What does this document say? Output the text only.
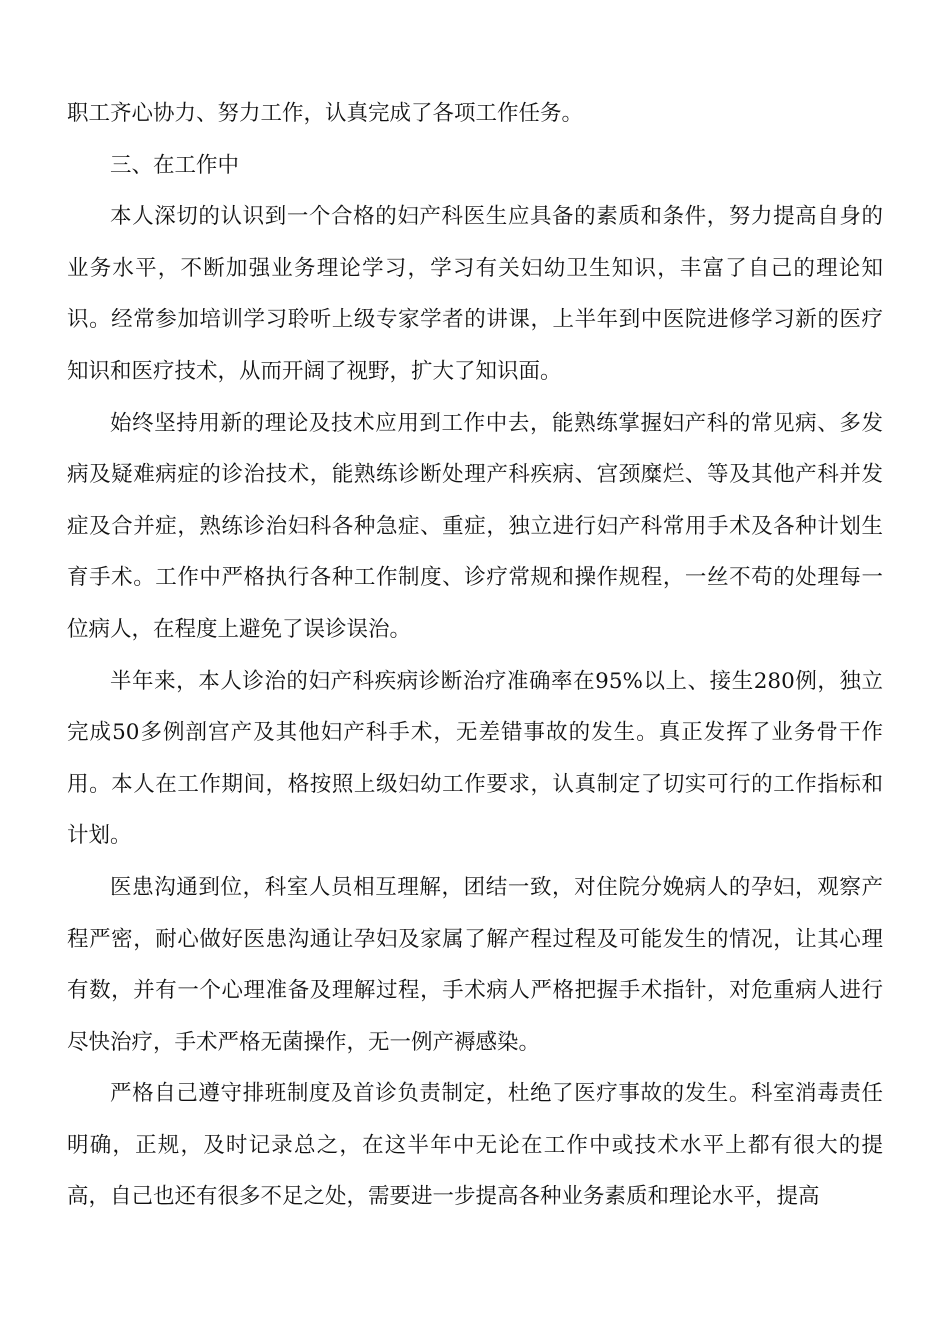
职工齐心协力、努力工作，认真完成了各项工作任务。

三、在工作中

本人深切的认识到一个合格的妇产科医生应具备的素质和条件，努力提高自身的业务水平，不断加强业务理论学习，学习有关妇幼卫生知识，丰富了自己的理论知识。经常参加培训学习聆听上级专家学者的讲课，上半年到中医院进修学习新的医疗知识和医疗技术，从而开阔了视野，扩大了知识面。

始终坚持用新的理论及技术应用到工作中去，能熟练掌握妇产科的常见病、多发病及疑难病症的诊治技术，能熟练诊断处理产科疾病、宫颈糜烂、等及其他产科并发症及合并症，熟练诊治妇科各种急症、重症，独立进行妇产科常用手术及各种计划生育手术。工作中严格执行各种工作制度、诊疗常规和操作规程，一丝不苟的处理每一位病人，在程度上避免了误诊误治。

半年来，本人诊治的妇产科疾病诊断治疗准确率在95%以上、接生280例，独立完成50多例剖宫产及其他妇产科手术，无差错事故的发生。真正发挥了业务骨干作用。本人在工作期间，格按照上级妇幼工作要求，认真制定了切实可行的工作指标和计划。

医患沟通到位，科室人员相互理解，团结一致，对住院分娩病人的孕妇，观察产程严密，耐心做好医患沟通让孕妇及家属了解产程过程及可能发生的情况，让其心理有数，并有一个心理准备及理解过程，手术病人严格把握手术指针，对危重病人进行尽快治疗，手术严格无菌操作，无一例产褥感染。

严格自己遵守排班制度及首诊负责制定，杜绝了医疗事故的发生。科室消毒责任明确，正规，及时记录总之，在这半年中无论在工作中或技术水平上都有很大的提高，自己也还有很多不足之处，需要进一步提高各种业务素质和理论水平，提高
